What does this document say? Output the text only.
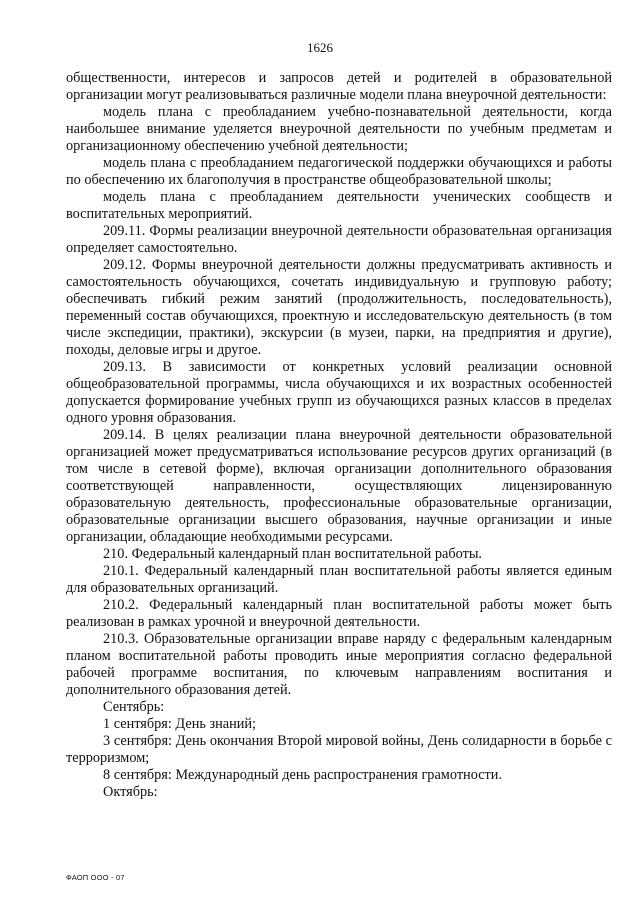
1626

общественности, интересов и запросов детей и родителей в образовательной организации могут реализовываться различные модели плана внеурочной деятельности:

модель плана с преобладанием учебно-познавательной деятельности, когда наибольшее внимание уделяется внеурочной деятельности по учебным предметам и организационному обеспечению учебной деятельности;

модель плана с преобладанием педагогической поддержки обучающихся и работы по обеспечению их благополучия в пространстве общеобразовательной школы;

модель плана с преобладанием деятельности ученических сообществ и воспитательных мероприятий.

209.11. Формы реализации внеурочной деятельности образовательная организация определяет самостоятельно.

209.12. Формы внеурочной деятельности должны предусматривать активность и самостоятельность обучающихся, сочетать индивидуальную и групповую работу; обеспечивать гибкий режим занятий (продолжительность, последовательность), переменный состав обучающихся, проектную и исследовательскую деятельность (в том числе экспедиции, практики), экскурсии (в музеи, парки, на предприятия и другие), походы, деловые игры и другое.

209.13. В зависимости от конкретных условий реализации основной общеобразовательной программы, числа обучающихся и их возрастных особенностей допускается формирование учебных групп из обучающихся разных классов в пределах одного уровня образования.

209.14. В целях реализации плана внеурочной деятельности образовательной организацией может предусматриваться использование ресурсов других организаций (в том числе в сетевой форме), включая организации дополнительного образования соответствующей направленности, осуществляющих лицензированную образовательную деятельность, профессиональные образовательные организации, образовательные организации высшего образования, научные организации и иные организации, обладающие необходимыми ресурсами.

210. Федеральный календарный план воспитательной работы.

210.1. Федеральный календарный план воспитательной работы является единым для образовательных организаций.

210.2. Федеральный календарный план воспитательной работы может быть реализован в рамках урочной и внеурочной деятельности.

210.3. Образовательные организации вправе наряду с федеральным календарным планом воспитательной работы проводить иные мероприятия согласно федеральной рабочей программе воспитания, по ключевым направлениям воспитания и дополнительного образования детей.

Сентябрь:

1 сентября: День знаний;

3 сентября: День окончания Второй мировой войны, День солидарности в борьбе с терроризмом;

8 сентября: Международный день распространения грамотности.

Октябрь:

ФАОП ООО - 07
